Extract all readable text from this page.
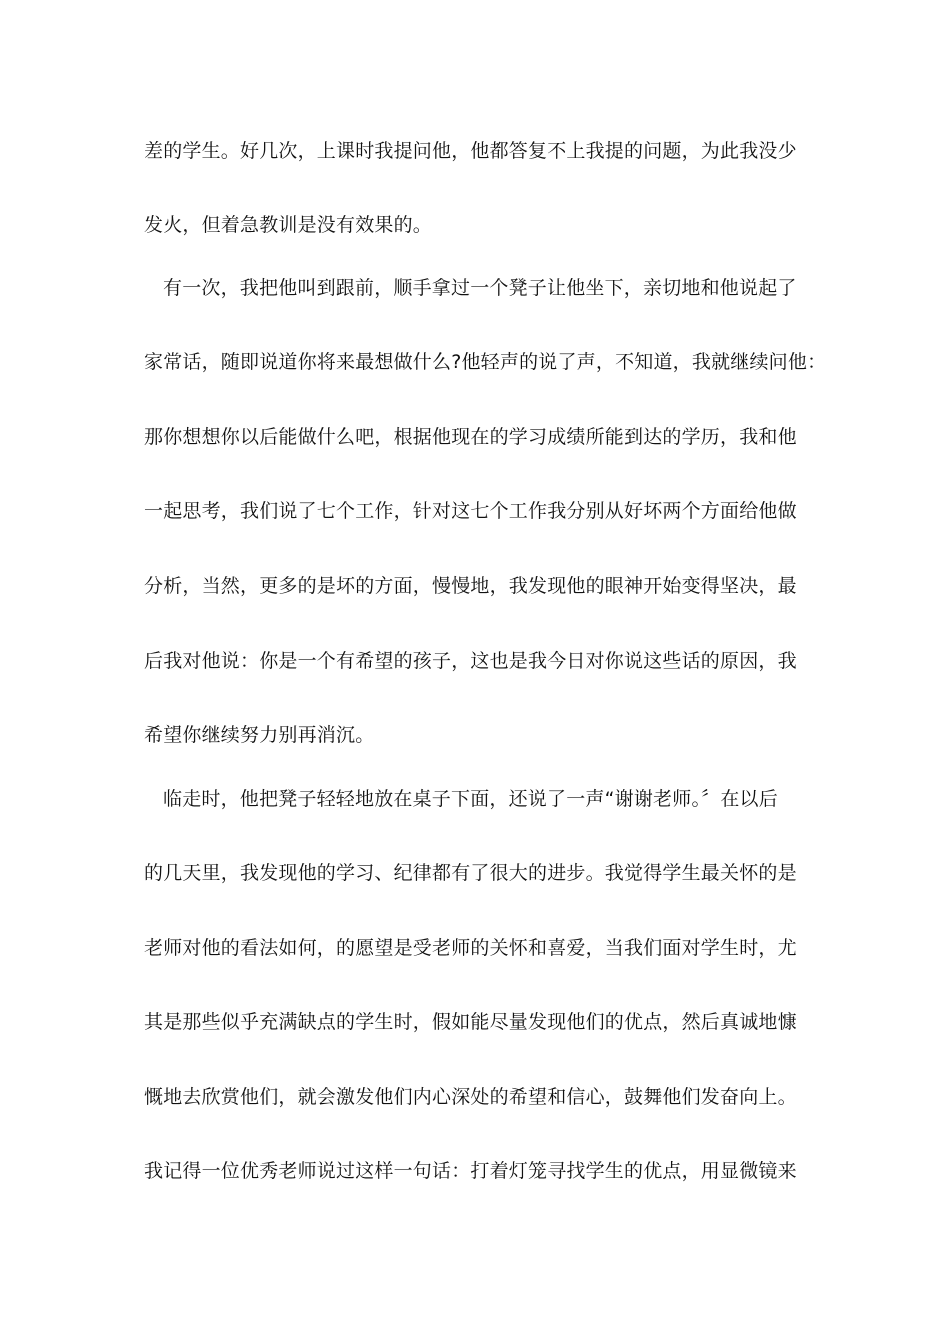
差的学生。好几次，上课时我提问他，他都答复不上我提的问题，为此我没少
发火，但着急教训是没有效果的。
有一次，我把他叫到跟前，顺手拿过一个凳子让他坐下，亲切地和他说起了
家常话，随即说道你将来最想做什么?他轻声的说了声，不知道，我就继续问他：
那你想想你以后能做什么吧，根据他现在的学习成绩所能到达的学历，我和他
一起思考，我们说了七个工作，针对这七个工作我分别从好坏两个方面给他做
分析，当然，更多的是坏的方面，慢慢地，我发现他的眼神开始变得坚决，最
后我对他说：你是一个有希望的孩子，这也是我今日对你说这些话的原因，我
希望你继续努力别再消沉。
临走时，他把凳子轻轻地放在桌子下面，还说了一声“谢谢老师。〞在以后
的几天里，我发现他的学习、纪律都有了很大的进步。我觉得学生最关怀的是
老师对他的看法如何，的愿望是受老师的关怀和喜爱，当我们面对学生时，尤
其是那些似乎充满缺点的学生时，假如能尽量发现他们的优点，然后真诚地慷
慨地去欣赏他们，就会激发他们内心深处的希望和信心，鼓舞他们发奋向上。
我记得一位优秀老师说过这样一句话：打着灯笼寻找学生的优点，用显微镜来
